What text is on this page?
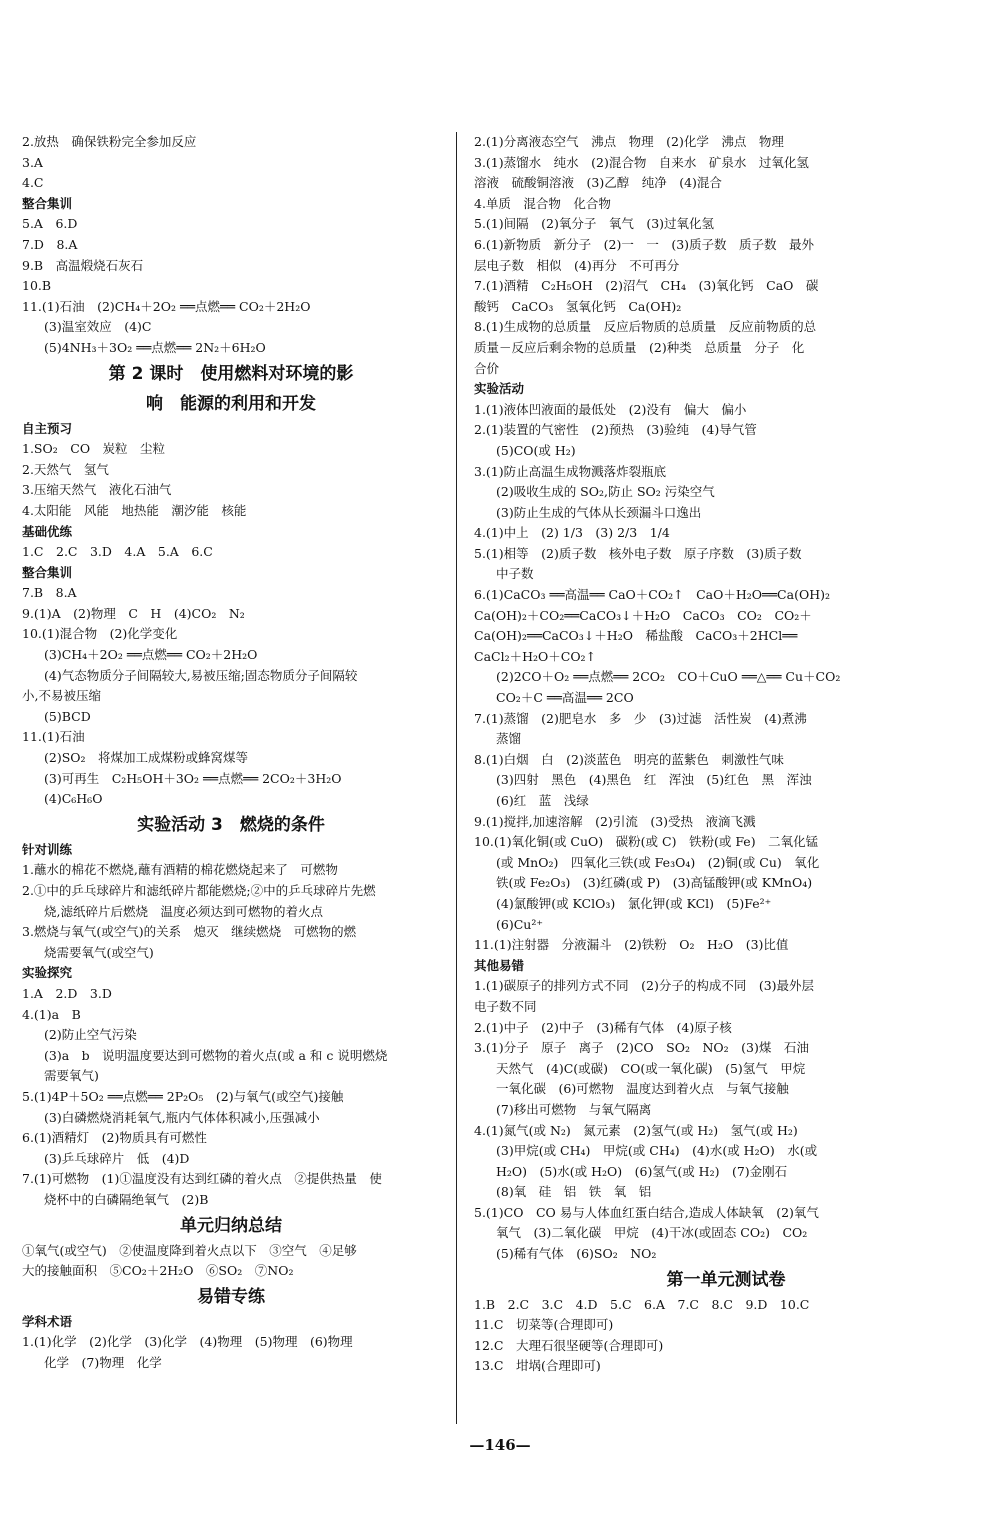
2.放热　确保铁粉完全参加反应
3.A
4.C
整合集训
5.A　6.D
7.D　8.A
9.B　高温煅烧石灰石
10.B
11.(1)石油　(2)CH₄＋2O₂ ══点燃══ CO₂＋2H₂O
(3)温室效应　(4)C
(5)4NH₃＋3O₂ ══点燃══ 2N₂＋6H₂O
第 2 课时　使用燃料对环境的影
响　能源的利用和开发
自主预习
1.SO₂　CO　炭粒　尘粒
2.天然气　氢气
3.压缩天然气　液化石油气
4.太阳能　风能　地热能　潮汐能　核能
基础优练
1.C　2.C　3.D　4.A　5.A　6.C
整合集训
7.B　8.A
9.(1)A　(2)物理　C　H　(4)CO₂　N₂
10.(1)混合物　(2)化学变化
(3)CH₄＋2O₂ ══点燃══ CO₂＋2H₂O
(4)气态物质分子间隔较大,易被压缩;固态物质分子间隔较
小,不易被压缩
(5)BCD
11.(1)石油
(2)SO₂　将煤加工成煤粉或蜂窝煤等
(3)可再生　C₂H₅OH＋3O₂ ══点燃══ 2CO₂＋3H₂O
(4)C₆H₆O
实验活动 3　燃烧的条件
针对训练
1.蘸水的棉花不燃烧,蘸有酒精的棉花燃烧起来了　可燃物
2.①中的乒乓球碎片和滤纸碎片都能燃烧;②中的乒乓球碎片先燃
烧,滤纸碎片后燃烧　温度必须达到可燃物的着火点
3.燃烧与氧气(或空气)的关系　熄灭　继续燃烧　可燃物的燃
烧需要氧气(或空气)
实验探究
1.A　2.D　3.D
4.(1)a　B
(2)防止空气污染
(3)a　b　说明温度要达到可燃物的着火点(或 a 和 c 说明燃烧
需要氧气)
5.(1)4P＋5O₂ ══点燃══ 2P₂O₅　(2)与氧气(或空气)接触
(3)白磷燃烧消耗氧气,瓶内气体体积减小,压强减小
6.(1)酒精灯　(2)物质具有可燃性
(3)乒乓球碎片　低　(4)D
7.(1)可燃物　(1)①温度没有达到红磷的着火点　②提供热量　使
烧杯中的白磷隔绝氧气　(2)B
单元归纳总结
①氧气(或空气)　②使温度降到着火点以下　③空气　④足够
大的接触面积　⑤CO₂＋2H₂O　⑥SO₂　⑦NO₂
易错专练
学科术语
1.(1)化学　(2)化学　(3)化学　(4)物理　(5)物理　(6)物理
化学　(7)物理　化学
2.(1)分离液态空气　沸点　物理　(2)化学　沸点　物理
3.(1)蒸馏水　纯水　(2)混合物　自来水　矿泉水　过氧化氢
溶液　硫酸铜溶液　(3)乙醇　纯净　(4)混合
4.单质　混合物　化合物
5.(1)间隔　(2)氧分子　氧气　(3)过氧化氢
6.(1)新物质　新分子　(2)一　一　(3)质子数　质子数　最外
层电子数　相似　(4)再分　不可再分
7.(1)酒精　C₂H₅OH　(2)沼气　CH₄　(3)氧化钙　CaO　碳
酸钙　CaCO₃　氢氧化钙　Ca(OH)₂
8.(1)生成物的总质量　反应后物质的总质量　反应前物质的总
质量－反应后剩余物的总质量　(2)种类　总质量　分子　化
合价
实验活动
1.(1)液体凹液面的最低处　(2)没有　偏大　偏小
2.(1)装置的气密性　(2)预热　(3)验纯　(4)导气管
(5)CO(或 H₂)
3.(1)防止高温生成物溅落炸裂瓶底
(2)吸收生成的 SO₂,防止 SO₂ 污染空气
(3)防止生成的气体从长颈漏斗口逸出
4.(1)中上　(2) 1/3　(3) 2/3　1/4
5.(1)相等　(2)质子数　核外电子数　原子序数　(3)质子数
中子数
6.(1)CaCO₃ ══高温══ CaO＋CO₂↑　CaO＋H₂O══Ca(OH)₂
Ca(OH)₂＋CO₂══CaCO₃↓＋H₂O　CaCO₃　CO₂　CO₂＋
Ca(OH)₂══CaCO₃↓＋H₂O　稀盐酸　CaCO₃＋2HCl══
CaCl₂＋H₂O＋CO₂↑
(2)2CO＋O₂ ══点燃══ 2CO₂　CO＋CuO ══△══ Cu＋CO₂
CO₂＋C ══高温══ 2CO
7.(1)蒸馏　(2)肥皂水　多　少　(3)过滤　活性炭　(4)煮沸
蒸馏
8.(1)白烟　白　(2)淡蓝色　明亮的蓝紫色　刺激性气味
(3)四射　黑色　(4)黑色　红　浑浊　(5)红色　黑　浑浊
(6)红　蓝　浅绿
9.(1)搅拌,加速溶解　(2)引流　(3)受热　液滴飞溅
10.(1)氧化铜(或 CuO)　碳粉(或 C)　铁粉(或 Fe)　二氧化锰
(或 MnO₂)　四氧化三铁(或 Fe₃O₄)　(2)铜(或 Cu)　氧化
铁(或 Fe₂O₃)　(3)红磷(或 P)　(3)高锰酸钾(或 KMnO₄)
(4)氯酸钾(或 KClO₃)　氯化钾(或 KCl)　(5)Fe²⁺
(6)Cu²⁺
11.(1)注射器　分液漏斗　(2)铁粉　O₂　H₂O　(3)比值
其他易错
1.(1)碳原子的排列方式不同　(2)分子的构成不同　(3)最外层
电子数不同
2.(1)中子　(2)中子　(3)稀有气体　(4)原子核
3.(1)分子　原子　离子　(2)CO　SO₂　NO₂　(3)煤　石油
天然气　(4)C(或碳)　CO(或一氧化碳)　(5)氢气　甲烷
一氧化碳　(6)可燃物　温度达到着火点　与氧气接触
(7)移出可燃物　与氧气隔离
4.(1)氮气(或 N₂)　氮元素　(2)氢气(或 H₂)　氢气(或 H₂)
(3)甲烷(或 CH₄)　甲烷(或 CH₄)　(4)水(或 H₂O)　水(或
H₂O)　(5)水(或 H₂O)　(6)氢气(或 H₂)　(7)金刚石
(8)氧　硅　铝　铁　氧　铝
5.(1)CO　CO 易与人体血红蛋白结合,造成人体缺氧　(2)氧气
氧气　(3)二氧化碳　甲烷　(4)干冰(或固态 CO₂)　CO₂
(5)稀有气体　(6)SO₂　NO₂
第一单元测试卷
1.B　2.C　3.C　4.D　5.C　6.A　7.C　8.C　9.D　10.C
11.C　切菜等(合理即可)
12.C　大理石很坚硬等(合理即可)
13.C　坩埚(合理即可)
—146—
